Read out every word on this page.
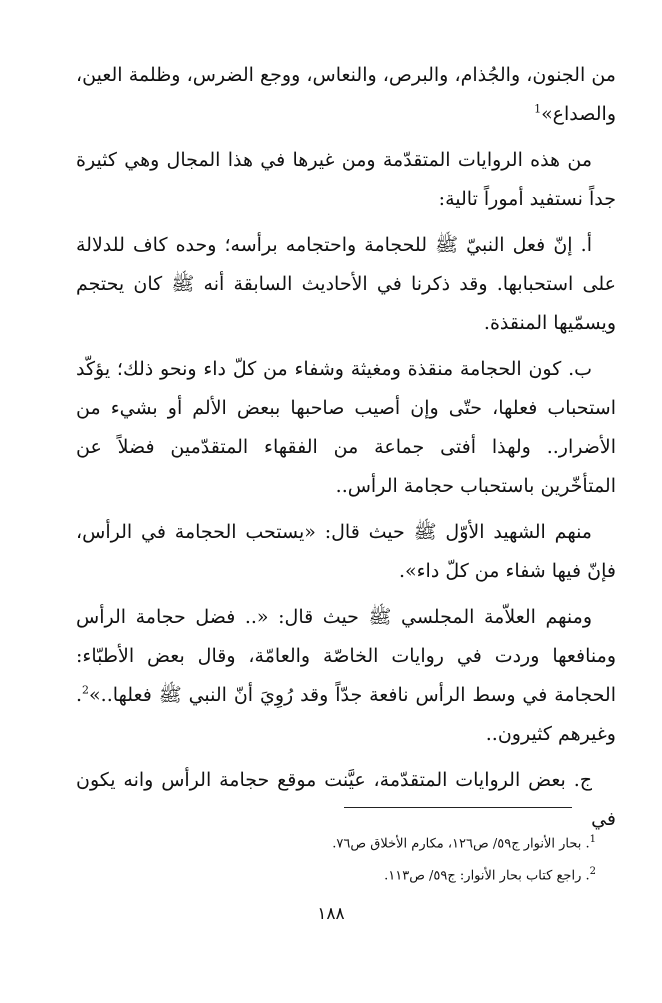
من الجنون، والجُذام، والبرص، والنعاس، ووجع الضرس، وظلمة العين، والصداع»$^1$

من هذه الروايات المتقدّمة ومن غيرها في هذا المجال وهي كثيرة جداً نستفيد أموراً تالية:

أ. إنّ فعل النبيّ ﷺ للحجامة واحتجامه برأسه؛ وحده كاف للدلالة على استحبابها. وقد ذكرنا في الأحاديث السابقة أنه ﷺ كان يحتجم ويسمّيها المنقذة.

ب. كون الحجامة منقذة ومغيثة وشفاء من كلّ داء ونحو ذلك؛ يؤكّد استحباب فعلها، حتّى وإن أصيب صاحبها ببعض الألم أو بشيء من الأضرار.. ولهذا أفتى جماعة من الفقهاء المتقدّمين فضلاً عن المتأخّرين باستحباب حجامة الرأس..

منهم الشهيد الأوّل ﷺ حيث قال: «يستحب الحجامة في الرأس، فإنّ فيها شفاء من كلّ داء».

ومنهم العلاّمة المجلسي ﷺ حيث قال: «.. فضل حجامة الرأس ومنافعها وردت في روايات الخاصّة والعامّة، وقال بعض الأطبّاء: الحجامة في وسط الرأس نافعة جدّاً وقد رُوِيَ أنّ النبي ﷺ فعلها..»$^2$. وغيرهم كثيرون..

ج. بعض الروايات المتقدّمة، عيَّنت موقع حجامة الرأس وانه يكون في

$^1$. بحار الأنوار ج٥٩/ ص١٢٦، مكارم الأخلاق ص٧٦.
$^2$. راجع كتاب بحار الأنوار: ج٥٩/ ص١١٣.
١٨٨
